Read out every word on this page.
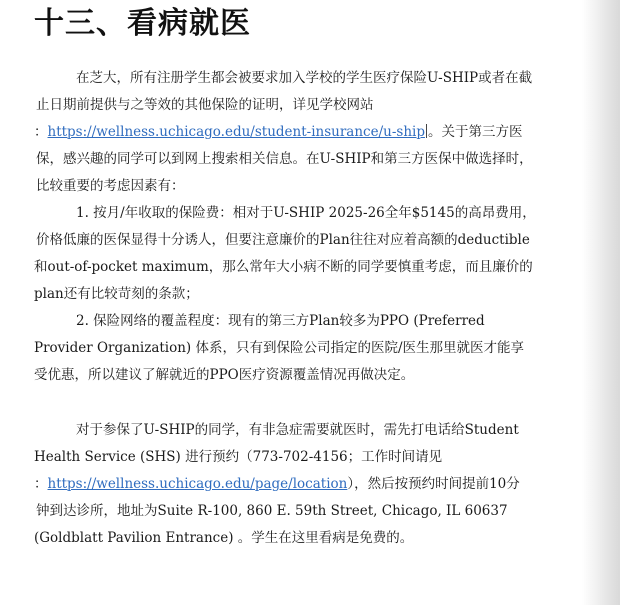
十三、看病就医
在芝大，所有注册学生都会被要求加入学校的学生医疗保险U-SHIP或者在截
止日期前提供与之等效的其他保险的证明，详见学校网站
：https://wellness.uchicago.edu/student-insurance/u-ship 。关于第三方医
保，感兴趣的同学可以到网上搜索相关信息。在U-SHIP和第三方医保中做选择时，
比较重要的考虑因素有：
1. 按月/年收取的保险费：相对于U-SHIP 2025-26全年$5145的高昂费用，
价格低廉的医保显得十分诱人，但要注意廉价的Plan往往对应着高额的deductible
和out-of-pocket maximum，那么常年大小病不断的同学要慎重考虑，而且廉价的
plan还有比较苛刻的条款；
2. 保险网络的覆盖程度：现有的第三方Plan较多为PPO (Preferred
Provider Organization) 体系，只有到保险公司指定的医院/医生那里就医才能享
受优惠，所以建议了解就近的PPO医疗资源覆盖情况再做决定。
对于参保了U-SHIP的同学，有非急症需要就医时，需先打电话给Student
Health Service (SHS) 进行预约（773-702-4156；工作时间请见
：https://wellness.uchicago.edu/page/location），然后按预约时间提前10分
钟到达诊所，地址为Suite R-100, 860 E. 59th Street, Chicago, IL 60637
(Goldblatt Pavilion Entrance) 。学生在这里看病是免费的。
